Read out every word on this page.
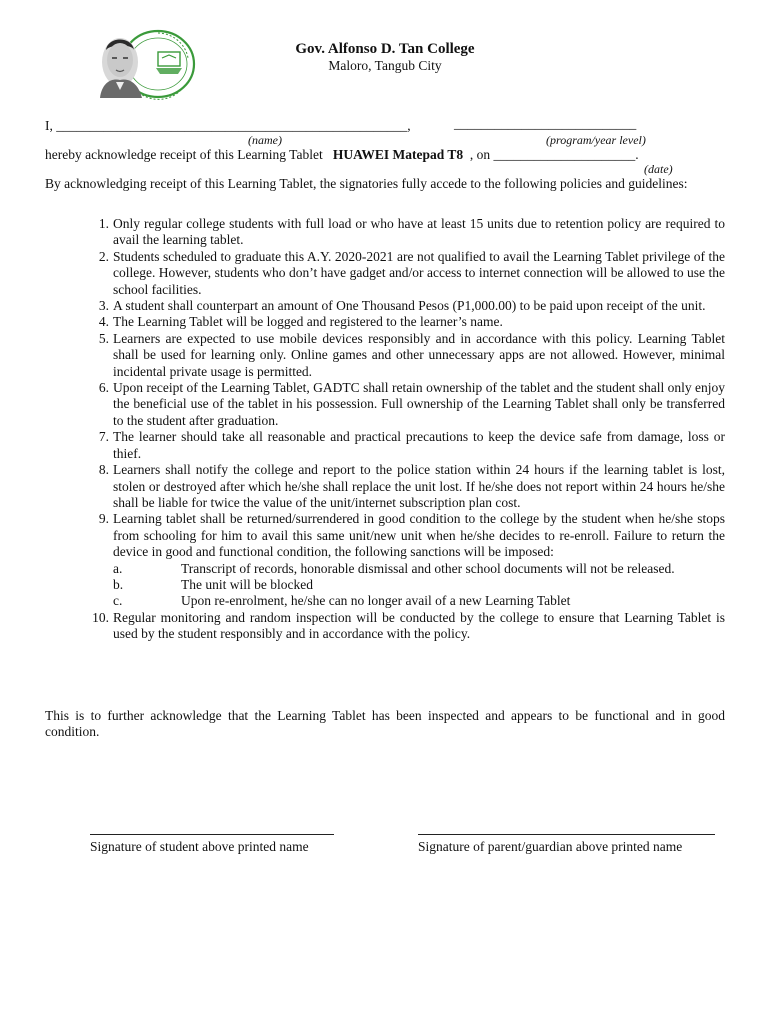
Gov. Alfonso D. Tan College
Maloro, Tangub City
I, ____________________________________________________,	___________________________
(name)	(program/year level)
hereby acknowledge receipt of this Learning Tablet HUAWEI Matepad T8 , on _____________________.
(date)
By acknowledging receipt of this Learning Tablet, the signatories fully accede to the following policies and guidelines:
1. Only regular college students with full load or who have at least 15 units due to retention policy are required to avail the learning tablet.
2. Students scheduled to graduate this A.Y. 2020-2021 are not qualified to avail the Learning Tablet privilege of the college. However, students who don’t have gadget and/or access to internet connection will be allowed to use the school facilities.
3. A student shall counterpart an amount of One Thousand Pesos (P1,000.00) to be paid upon receipt of the unit.
4. The Learning Tablet will be logged and registered to the learner’s name.
5. Learners are expected to use mobile devices responsibly and in accordance with this policy. Learning Tablet shall be used for learning only. Online games and other unnecessary apps are not allowed. However, minimal incidental private usage is permitted.
6. Upon receipt of the Learning Tablet, GADTC shall retain ownership of the tablet and the student shall only enjoy the beneficial use of the tablet in his possession. Full ownership of the Learning Tablet shall only be transferred to the student after graduation.
7. The learner should take all reasonable and practical precautions to keep the device safe from damage, loss or thief.
8. Learners shall notify the college and report to the police station within 24 hours if the learning tablet is lost, stolen or destroyed after which he/she shall replace the unit lost. If he/she does not report within 24 hours he/she shall be liable for twice the value of the unit/internet subscription plan cost.
9. Learning tablet shall be returned/surrendered in good condition to the college by the student when he/she stops from schooling for him to avail this same unit/new unit when he/she decides to re-enroll. Failure to return the device in good and functional condition, the following sanctions will be imposed:
a.	Transcript of records, honorable dismissal and other school documents will not be released.
b.	The unit will be blocked
c.	Upon re-enrolment, he/she can no longer avail of a new Learning Tablet
10. Regular monitoring and random inspection will be conducted by the college to ensure that Learning Tablet is used by the student responsibly and in accordance with the policy.
This is to further acknowledge that the Learning Tablet has been inspected and appears to be functional and in good condition.
Signature of student above printed name	Signature of parent/guardian above printed name
